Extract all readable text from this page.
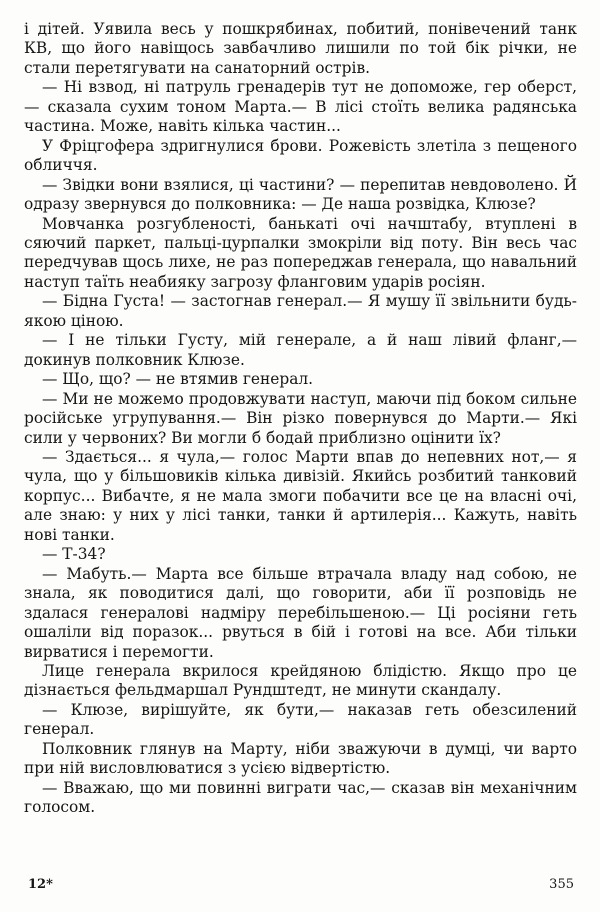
і дітей. Уявила весь у пошкрябинах, побитий, понівечений танк КВ, що його навіщось завбачливо лишили по той бік річки, не стали перетягувати на санаторний острів.

— Ні взвод, ні патруль гренадерів тут не допоможе, гер оберст,— сказала сухим тоном Марта.— В лісі стоїть велика радянська частина. Може, навіть кілька частин...

У Фріцгофера здригнулися брови. Рожевість злетіла з пещеного обличчя.

— Звідки вони взялися, ці частини? — перепитав невдоволено. Й одразу звернувся до полковника: — Де наша розвідка, Клюзе?

Мовчанка розгубленості, банькаті очі начштабу, втуплені в сяючий паркет, пальці-цурпалки змокріли від поту. Він весь час передчував щось лихе, не раз попереджав генерала, що навальний наступ таїть неабияку загрозу фланговим ударів росіян.

— Бідна Густа! — застогнав генерал.— Я мушу її звільнити будь-якою ціною.

— І не тільки Густу, мій генерале, а й наш лівий фланг,— докинув полковник Клюзе.

— Що, що? — не втямив генерал.

— Ми не можемо продовжувати наступ, маючи під боком сильне російське угрупування.— Він різко повернувся до Марти.— Які сили у червоних? Ви могли б бодай приблизно оцінити їх?

— Здається... я чула,— голос Марти впав до непевних нот,— я чула, що у більшовиків кілька дивізій. Якийсь розбитий танковий корпус... Вибачте, я не мала змоги побачити все це на власні очі, але знаю: у них у лісі танки, танки й артилерія... Кажуть, навіть нові танки.

— Т-34?

— Мабуть.— Марта все більше втрачала владу над собою, не знала, як поводитися далі, що говорити, аби її розповідь не здалася генералові надміру перебільшеною.— Ці росіяни геть ошаліли від поразок... рвуться в бій і готові на все. Аби тільки вирватися і перемогти.

Лице генерала вкрилося крейдяною блідістю. Якщо про це дізнається фельдмаршал Рундштедт, не минути скандалу.

— Клюзе, вирішуйте, як бути,— наказав геть обезсилений генерал.

Полковник глянув на Марту, ніби зважуючи в думці, чи варто при ній висловлюватися з усією відвертістю.

— Вважаю, що ми повинні виграти час,— сказав він механічним голосом.

12*	355
